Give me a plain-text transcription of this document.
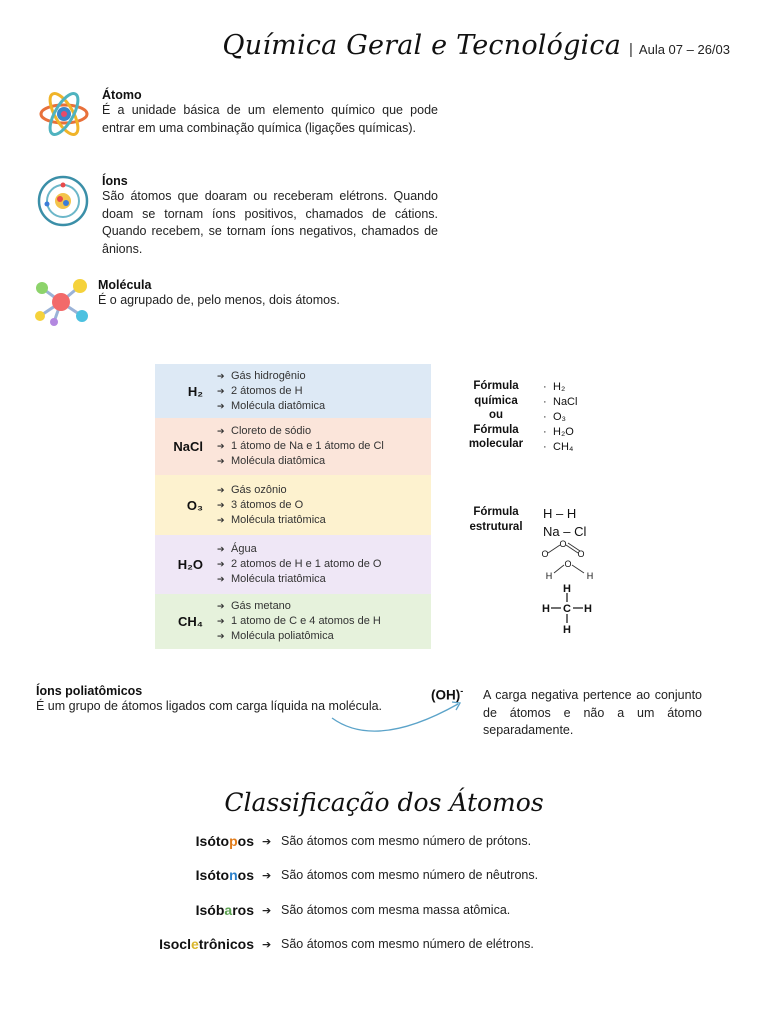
Química Geral e Tecnológica | Aula 07 – 26/03
Átomo
É a unidade básica de um elemento químico que pode entrar em uma combinação química (ligações químicas).
Íons
São átomos que doaram ou receberam elétrons. Quando doam se tornam íons positivos, chamados de cátions. Quando recebem, se tornam íons negativos, chamados de ânions.
Molécula
É o agrupado de, pelo menos, dois átomos.
H₂
➔ Gás hidrogênio
➔ 2 átomos de H
➔ Molécula diatômica
NaCl
➔ Cloreto de sódio
➔ 1 átomo de Na e 1 átomo de Cl
➔ Molécula diatômica
O₃
➔ Gás ozônio
➔ 3 átomos de O
➔ Molécula triatômica
H₂O
➔ Água
➔ 2 atomos de H e 1 atomo de O
➔ Molécula triatômica
CH₄
➔ Gás metano
➔ 1 atomo de C e 4 atomos de H
➔ Molécula poliatômica
Fórmula
química
ou
Fórmula
molecular
· H₂
· NaCl
· O₃
· H₂O
· CH₄
Fórmula
estrutural
H – H
Na – Cl
O
O	O
O
H	H
H
C
H	H
H
Íons poliatômicos
É um grupo de átomos ligados com carga líquida na molécula.
(OH)- A carga negativa pertence ao conjunto de átomos e não a um átomo separadamente.
Classificação dos Átomos
Isótopos ➔ São átomos com mesmo número de prótons.
Isótonos ➔ São átomos com mesmo número de nêutrons.
Isóbaros ➔ São átomos com mesma massa atômica.
Isocletrônicos ➔ São átomos com mesmo número de elétrons.
